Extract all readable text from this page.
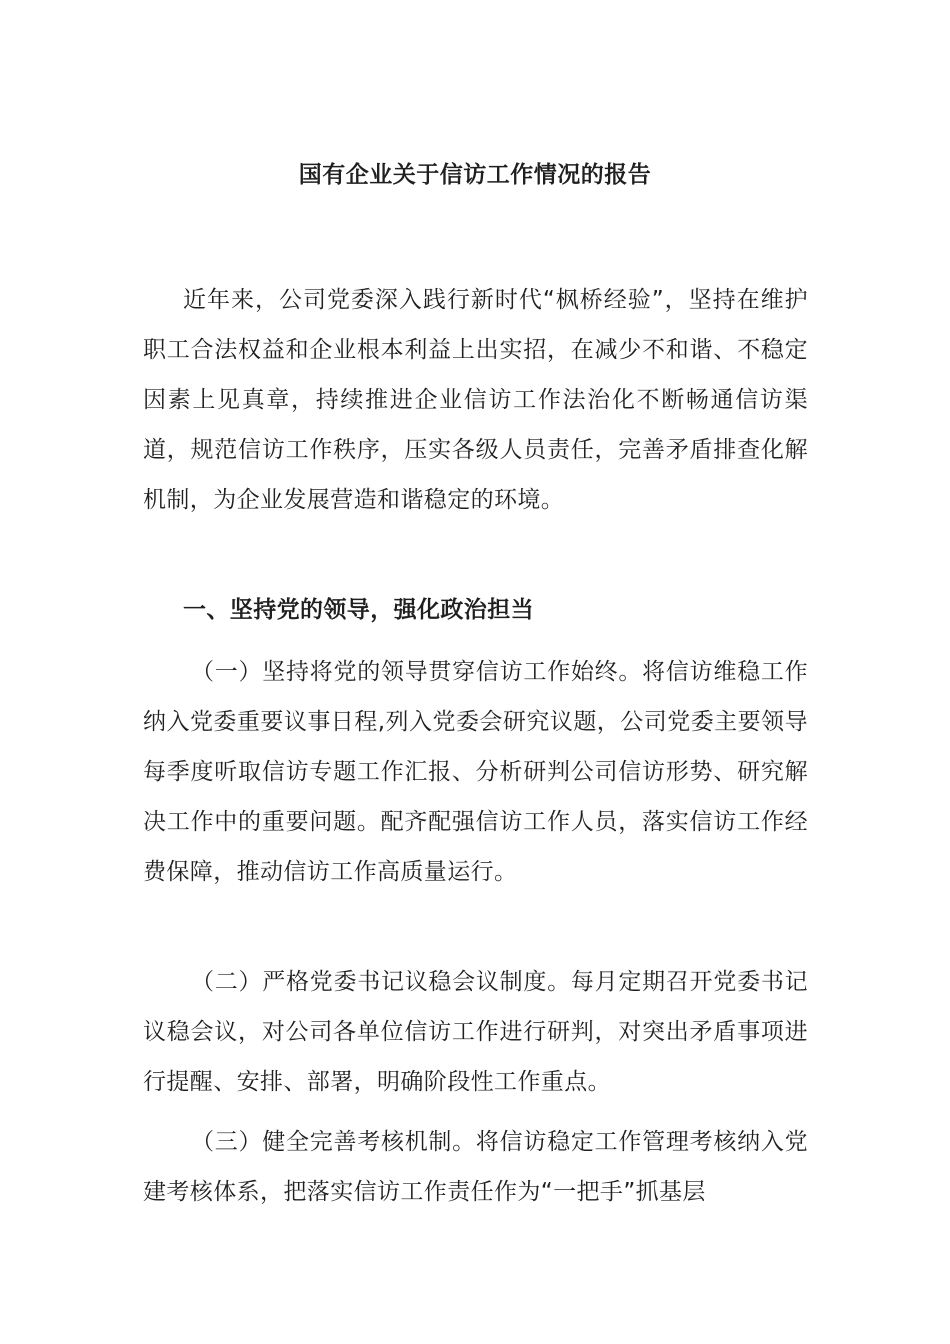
国有企业关于信访工作情况的报告

近年来，公司党委深入践行新时代“枫桥经验”，坚持在维护职工合法权益和企业根本利益上出实招，在减少不和谐、不稳定因素上见真章，持续推进企业信访工作法治化不断畅通信访渠道，规范信访工作秩序，压实各级人员责任，完善矛盾排查化解机制，为企业发展营造和谐稳定的环境。

一、坚持党的领导，强化政治担当

（一）坚持将党的领导贯穿信访工作始终。将信访维稳工作纳入党委重要议事日程,列入党委会研究议题，公司党委主要领导每季度听取信访专题工作汇报、分析研判公司信访形势、研究解决工作中的重要问题。配齐配强信访工作人员，落实信访工作经费保障，推动信访工作高质量运行。

（二）严格党委书记议稳会议制度。每月定期召开党委书记议稳会议，对公司各单位信访工作进行研判，对突出矛盾事项进行提醒、安排、部署，明确阶段性工作重点。

（三）健全完善考核机制。将信访稳定工作管理考核纳入党建考核体系，把落实信访工作责任作为“一把手”抓基层
